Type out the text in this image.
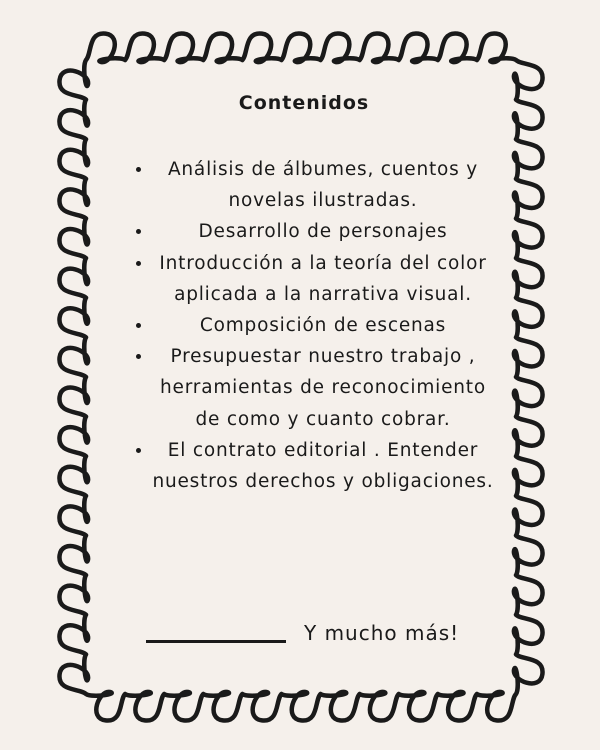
Contenidos
Análisis de álbumes, cuentos y novelas ilustradas.
Desarrollo de personajes
Introducción a la teoría del color aplicada a la narrativa visual.
Composición de escenas
Presupuestar nuestro trabajo , herramientas de reconocimiento de como y cuanto cobrar.
El contrato editorial . Entender nuestros derechos y obligaciones.
Y mucho más!
